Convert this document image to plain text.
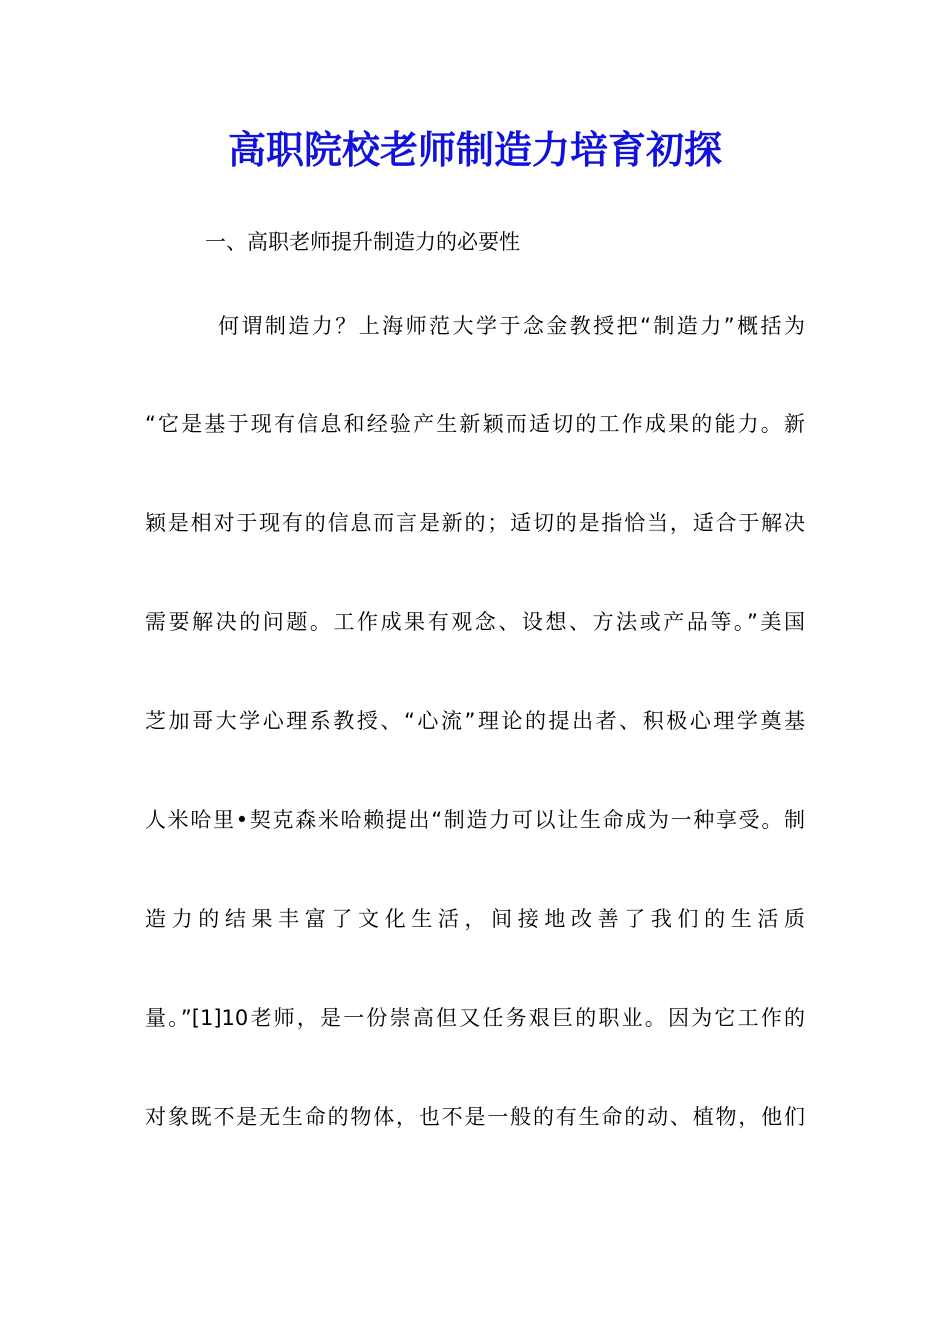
高职院校老师制造力培育初探

一、高职老师提升制造力的必要性

何谓制造力？上海师范大学于念金教授把“制造力”概括为

“它是基于现有信息和经验产生新颖而适切的工作成果的能力。新

颖是相对于现有的信息而言是新的；适切的是指恰当，适合于解决

需要解决的问题。工作成果有观念、设想、方法或产品等。”美国

芝加哥大学心理系教授、“心流”理论的提出者、积极心理学奠基

人米哈里•契克森米哈赖提出“制造力可以让生命成为一种享受。制

造力的结果丰富了文化生活，间接地改善了我们的生活质

量。”[1]10老师，是一份崇高但又任务艰巨的职业。因为它工作的

对象既不是无生命的物体，也不是一般的有生命的动、植物，他们
